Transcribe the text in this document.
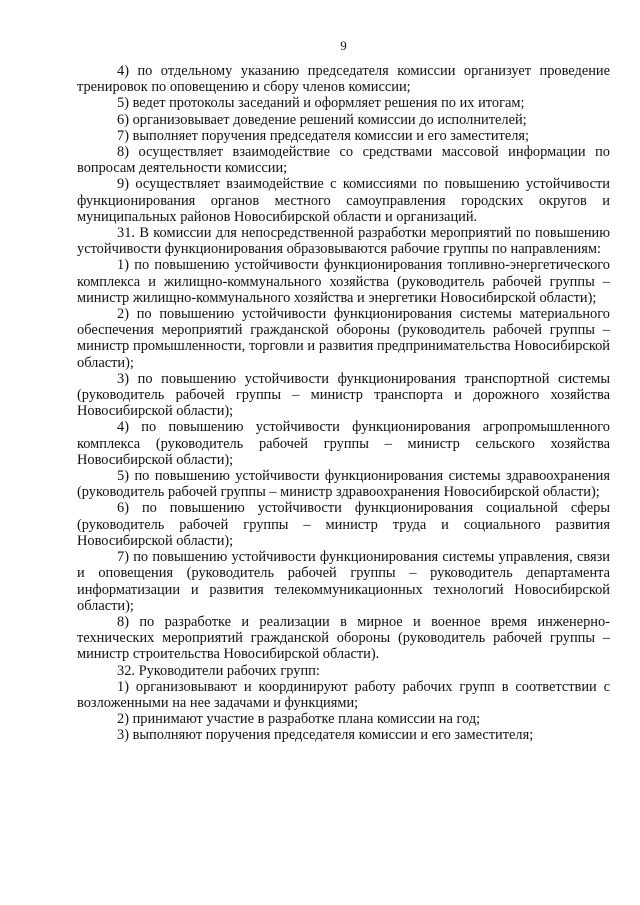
9

4) по отдельному указанию председателя комиссии организует проведение тренировок по оповещению и сбору членов комиссии;

5) ведет протоколы заседаний и оформляет решения по их итогам;

6) организовывает доведение решений комиссии до исполнителей;

7) выполняет поручения председателя комиссии и его заместителя;

8) осуществляет взаимодействие со средствами массовой информации по вопросам деятельности комиссии;

9) осуществляет взаимодействие с комиссиями по повышению устойчивости функционирования органов местного самоуправления городских округов и муниципальных районов Новосибирской области и организаций.

31. В комиссии для непосредственной разработки мероприятий по повышению устойчивости функционирования образовываются рабочие группы по направлениям:

1) по повышению устойчивости функционирования топливно-энергетического комплекса и жилищно-коммунального хозяйства (руководитель рабочей группы – министр жилищно-коммунального хозяйства и энергетики Новосибирской области);

2) по повышению устойчивости функционирования системы материального обеспечения мероприятий гражданской обороны (руководитель рабочей группы – министр промышленности, торговли и развития предпринимательства Новосибирской области);

3) по повышению устойчивости функционирования транспортной системы (руководитель рабочей группы – министр транспорта и дорожного хозяйства Новосибирской области);

4) по повышению устойчивости функционирования агропромышленного комплекса (руководитель рабочей группы – министр сельского хозяйства Новосибирской области);

5) по повышению устойчивости функционирования системы здравоохранения (руководитель рабочей группы – министр здравоохранения Новосибирской области);

6) по повышению устойчивости функционирования социальной сферы (руководитель рабочей группы – министр труда и социального развития Новосибирской области);

7) по повышению устойчивости функционирования системы управления, связи и оповещения (руководитель рабочей группы – руководитель департамента информатизации и развития телекоммуникационных технологий Новосибирской области);

8) по разработке и реализации в мирное и военное время инженерно-технических мероприятий гражданской обороны (руководитель рабочей группы – министр строительства Новосибирской области).

32. Руководители рабочих групп:

1) организовывают и координируют работу рабочих групп в соответствии с возложенными на нее задачами и функциями;

2) принимают участие в разработке плана комиссии на год;

3) выполняют поручения председателя комиссии и его заместителя;
